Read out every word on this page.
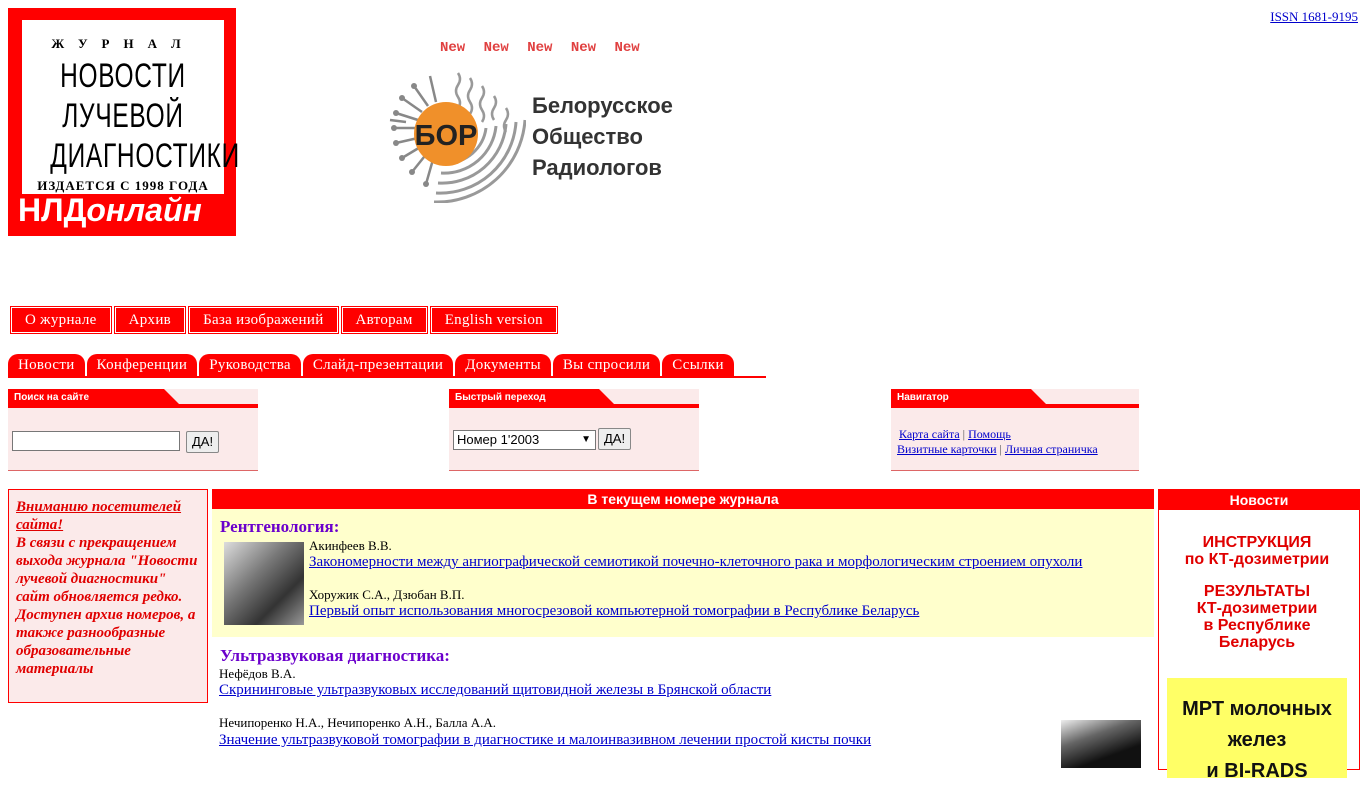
ЖУРНАЛ
НОВОСТИ
ЛУЧЕВОЙ
ДИАГНОСТИКИ
ИЗДАЕТСЯ С 1998 ГОДА
НЛДонлайн
ISSN 1681-9195
New New New New New
БОР
Белорусское
Общество
Радиологов
О журнале	Архив	База изображений	Авторам	English version
Новости	Конференции	Руководства	Слайд-презентации	Документы	Вы спросили	Ссылки
Поиск на сайте
ДА!
Быстрый переход
Номер 1'2003	▼	ДА!
Навигатор
Карта сайта | Помощь
Визитные карточки | Личная страничка
Вниманию посетителей сайта!
В связи с прекращением выхода журнала "Новости лучевой диагностики" сайт обновляется редко. Доступен архив номеров, а также разнообразные образовательные материалы
В текущем номере журнала
Рентгенология:
Акинфеев В.В.
Закономерности между ангиографической семиотикой почечно-клеточного рака и морфологическим строением опухоли
Хоружик С.А., Дзюбан В.П.
Первый опыт использования многосрезовой компьютерной томографии в Республике Беларусь
Ультразвуковая диагностика:
Нефёдов В.А.
Скрининговые ультразвуковых исследований щитовидной железы в Брянской области
Нечипоренко Н.А., Нечипоренко А.Н., Балла А.А.
Значение ультразвуковой томографии в диагностике и малоинвазивном лечении простой кисты почки
Новости
ИНСТРУКЦИЯ
по КТ-дозиметрии
РЕЗУЛЬТАТЫ
КТ-дозиметрии
в Республике
Беларусь
МРТ молочных
желез
и BI-RADS
